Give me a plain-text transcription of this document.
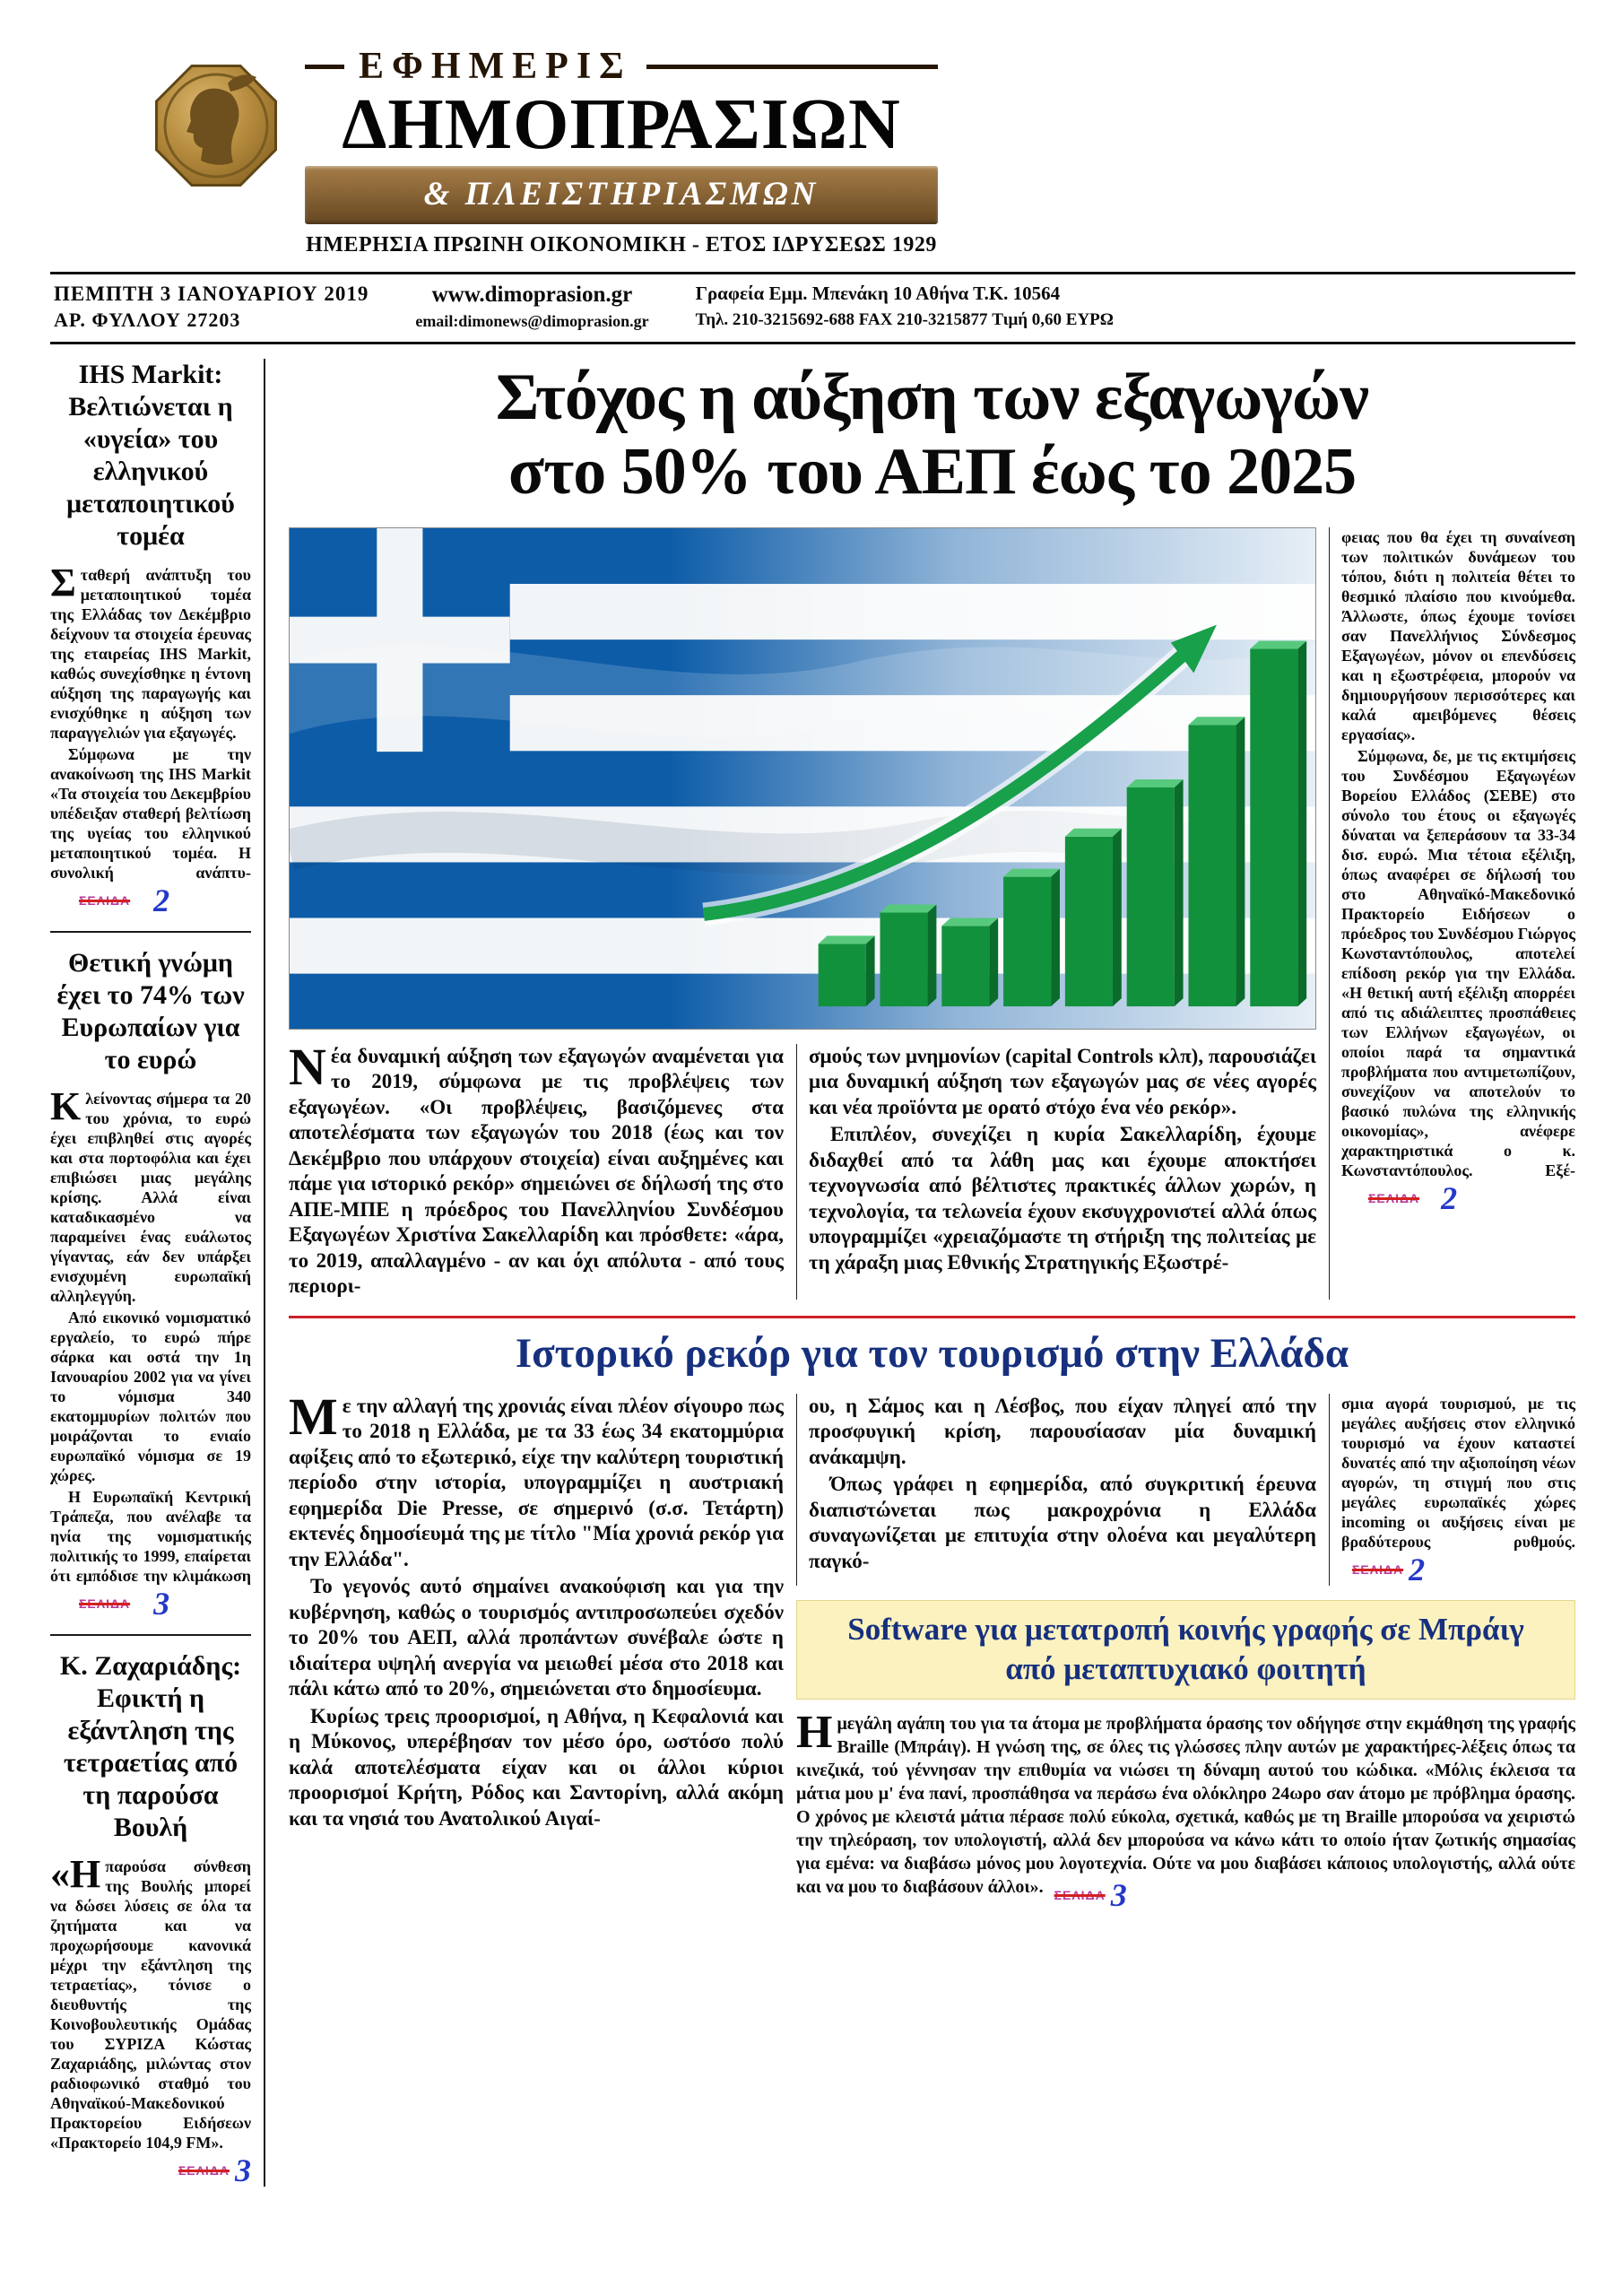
ΕΦΗΜΕΡΙΣ
ΔΗΜΟΠΡΑΣΙΩΝ
& ΠΛΕΙΣΤΗΡΙΑΣΜΩΝ
ΗΜΕΡΗΣΙΑ ΠΡΩΙΝΗ ΟΙΚΟΝΟΜΙΚΗ - ΕΤΟΣ ΙΔΡΥΣΕΩΣ 1929
ΠΕΜΠΤΗ 3 ΙΑΝΟΥΑΡΙΟΥ 2019
ΑΡ. ΦΥΛΛΟΥ 27203
www.dimoprasion.gr
email:dimonews@dimoprasion.gr
Γραφεία Εμμ. Μπενάκη 10 Αθήνα Τ.Κ. 10564
Τηλ. 210-3215692-688 FAX 210-3215877 Τιμή 0,60 ΕΥΡΩ
IHS Markit: Βελτιώνεται η «υγεία» του ελληνικού μεταποιητικού τομέα

Σταθερή ανάπτυξη του μεταποιητικού τομέα της Ελλάδας τον Δεκέμβριο δείχνουν τα στοιχεία έρευνας της εταιρείας IHS Markit, καθώς συνεχίσθηκε η έντονη αύξηση της παραγωγής και ενισχύθηκε η αύξηση των παραγγελιών για εξαγωγές.

Σύμφωνα με την ανακοίνωση της IHS Markit «Τα στοιχεία του Δεκεμβρίου υπέδειξαν σταθερή βελτίωση της υγείας του ελληνικού μεταποιητικού τομέα. Η συνολική ανάπτυ-
ΣΕΛΙΔΑ 2

Θετική γνώμη έχει το 74% των Ευρωπαίων για το ευρώ

Κλείνοντας σήμερα τα 20 του χρόνια, το ευρώ έχει επιβληθεί στις αγορές και στα πορτοφόλια και έχει επιβιώσει μιας μεγάλης κρίσης. Αλλά είναι καταδικασμένο να παραμείνει ένας ευάλωτος γίγαντας, εάν δεν υπάρξει ενισχυμένη ευρωπαϊκή αλληλεγγύη.

Από εικονικό νομισματικό εργαλείο, το ευρώ πήρε σάρκα και οστά την 1η Ιανουαρίου 2002 για να γίνει το νόμισμα 340 εκατομμυρίων πολιτών που μοιράζονται το ενιαίο ευρωπαϊκό νόμισμα σε 19 χώρες.

Η Ευρωπαϊκή Κεντρική Τράπεζα, που ανέλαβε τα ηνία της νομισματικής πολιτικής το 1999, επαίρεται ότι εμπόδισε την κλιμάκωση
ΣΕΛΙΔΑ 3

Κ. Ζαχαριάδης: Εφικτή η εξάντληση της τετραετίας από τη παρούσα Βουλή

«Η παρούσα σύνθεση της Βουλής μπορεί να δώσει λύσεις σε όλα τα ζητήματα και να προχωρήσουμε κανονικά μέχρι την εξάντληση της τετραετίας», τόνισε ο διευθυντής της Κοινοβουλευτικής Ομάδας του ΣΥΡΙΖΑ Κώστας Ζαχαριάδης, μιλώντας στον ραδιοφωνικό σταθμό του Αθηναϊκού-Μακεδονικού Πρακτορείου Ειδήσεων «Πρακτορείο 104,9 FM».

ΣΕΛΙΔΑ 3
Στόχος η αύξηση των εξαγωγών
στο 50% του ΑΕΠ έως το 2025

Νέα δυναμική αύξηση των εξαγωγών αναμένεται για το 2019, σύμφωνα με τις προβλέψεις των εξαγωγέων. «Οι προβλέψεις, βασιζόμενες στα αποτελέσματα των εξαγωγών του 2018 (έως και τον Δεκέμβριο που υπάρχουν στοιχεία) είναι αυξημένες και πάμε για ιστορικό ρεκόρ» σημειώνει σε δήλωσή της στο ΑΠΕ-ΜΠΕ η πρόεδρος του Πανελληνίου Συνδέσμου Εξαγωγέων Χριστίνα Σακελλαρίδη και πρόσθετε: «άρα, το 2019, απαλλαγμένο - αν και όχι απόλυτα - από τους περιορι-

σμούς των μνημονίων (capital Controls κλπ), παρουσιάζει μια δυναμική αύξηση των εξαγωγών μας σε νέες αγορές και νέα προϊόντα με ορατό στόχο ένα νέο ρεκόρ».

Επιπλέον, συνεχίζει η κυρία Σακελλαρίδη, έχουμε διδαχθεί από τα λάθη μας και έχουμε αποκτήσει τεχνογνωσία από βέλτιστες πρακτικές άλλων χωρών, η τεχνολογία, τα τελωνεία έχουν εκσυγχρονιστεί αλλά όπως υπογραμμίζει «χρειαζόμαστε τη στήριξη της πολιτείας με τη χάραξη μιας Εθνικής Στρατηγικής Εξωστρέ-

φειας που θα έχει τη συναίνεση των πολιτικών δυνάμεων του τόπου, διότι η πολιτεία θέτει το θεσμικό πλαίσιο που κινούμεθα. Άλλωστε, όπως έχουμε τονίσει σαν Πανελλήνιος Σύνδεσμος Εξαγωγέων, μόνον οι επενδύσεις και η εξωστρέφεια, μπορούν να δημιουργήσουν περισσότερες και καλά αμειβόμενες θέσεις εργασίας».

Σύμφωνα, δε, με τις εκτιμήσεις του Συνδέσμου Εξαγωγέων Βορείου Ελλάδος (ΣΕΒΕ) στο σύνολο του έτους οι εξαγωγές δύναται να ξεπεράσουν τα 33-34 δισ. ευρώ. Μια τέτοια εξέλιξη, όπως αναφέρει σε δήλωσή του στο Αθηναϊκό-Μακεδονικό Πρακτορείο Ειδήσεων ο πρόεδρος του Συνδέσμου Γιώργος Κωνσταντόπουλος, αποτελεί επίδοση ρεκόρ για την Ελλάδα. «Η θετική αυτή εξέλιξη απορρέει από τις αδιάλειπτες προσπάθειες των Ελλήνων εξαγωγέων, οι οποίοι παρά τα σημαντικά προβλήματα που αντιμετωπίζουν, συνεχίζουν να αποτελούν το βασικό πυλώνα της ελληνικής οικονομίας», ανέφερε χαρακτηριστικά ο κ. Κωνσταντόπουλος. Εξέ-
ΣΕΛΙΔΑ 2

Ιστορικό ρεκόρ για τον τουρισμό στην Ελλάδα

Με την αλλαγή της χρονιάς είναι πλέον σίγουρο πως το 2018 η Ελλάδα, με τα 33 έως 34 εκατομμύρια αφίξεις από το εξωτερικό, είχε την καλύτερη τουριστική περίοδο στην ιστορία, υπογραμμίζει η αυστριακή εφημερίδα Die Presse, σε σημερινό (σ.σ. Τετάρτη) εκτενές δημοσίευμά της με τίτλο "Μία χρονιά ρεκόρ για την Ελλάδα".

Το γεγονός αυτό σημαίνει ανακούφιση και για την κυβέρνηση, καθώς ο τουρισμός αντιπροσωπεύει σχεδόν το 20% του ΑΕΠ, αλλά προπάντων συνέβαλε ώστε η ιδιαίτερα υψηλή ανεργία να μειωθεί μέσα στο 2018 και πάλι κάτω από το 20%, σημειώνεται στο δημοσίευμα.

Κυρίως τρεις προορισμοί, η Αθήνα, η Κεφαλονιά και η Μύκονος, υπερέβησαν τον μέσο όρο, ωστόσο πολύ καλά αποτελέσματα είχαν και οι άλλοι κύριοι προορισμοί Κρήτη, Ρόδος και Σαντορίνη, αλλά ακόμη και τα νησιά του Ανατολικού Αιγαί-

ου, η Σάμος και η Λέσβος, που είχαν πληγεί από την προσφυγική κρίση, παρουσίασαν μία δυναμική ανάκαμψη.

Όπως γράφει η εφημερίδα, από συγκριτική έρευνα διαπιστώνεται πως μακροχρόνια η Ελλάδα συναγωνίζεται με επιτυχία στην ολοένα και μεγαλύτερη παγκό-

σμια αγορά τουρισμού, με τις μεγάλες αυξήσεις στον ελληνικό τουρισμό να έχουν καταστεί δυνατές από την αξιοποίηση νέων αγορών, τη στιγμή που στις μεγάλες ευρωπαϊκές χώρες incoming οι αυξήσεις είναι με βραδύτερους ρυθμούς.
ΣΕΛΙΔΑ 2

Software για μετατροπή κοινής γραφής σε Μπράιγ από μεταπτυχιακό φοιτητή

Η μεγάλη αγάπη του για τα άτομα με προβλήματα όρασης τον οδήγησε στην εκμάθηση της γραφής Braille (Μπράιγ). Η γνώση της, σε όλες τις γλώσσες πλην αυτών με χαρακτήρες-λέξεις όπως τα κινεζικά, τού γέννησαν την επιθυμία να νιώσει τη δύναμη αυτού του κώδικα. «Μόλις έκλεισα τα μάτια μου μ' ένα πανί, προσπάθησα να περάσω ένα ολόκληρο 24ωρο σαν άτομο με πρόβλημα όρασης. Ο χρόνος με κλειστά μάτια πέρασε πολύ εύκολα, σχετικά, καθώς με τη Braille μπορούσα να χειριστώ την τηλεόραση, τον υπολογιστή, αλλά δεν μπορούσα να κάνω κάτι το οποίο ήταν ζωτικής σημασίας για εμένα: να διαβάσω μόνος μου λογοτεχνία. Ούτε να μου διαβάσει κάποιος υπολογιστής, αλλά ούτε και να μου το διαβάσουν άλλοι». ΣΕΛΙΔΑ 3
